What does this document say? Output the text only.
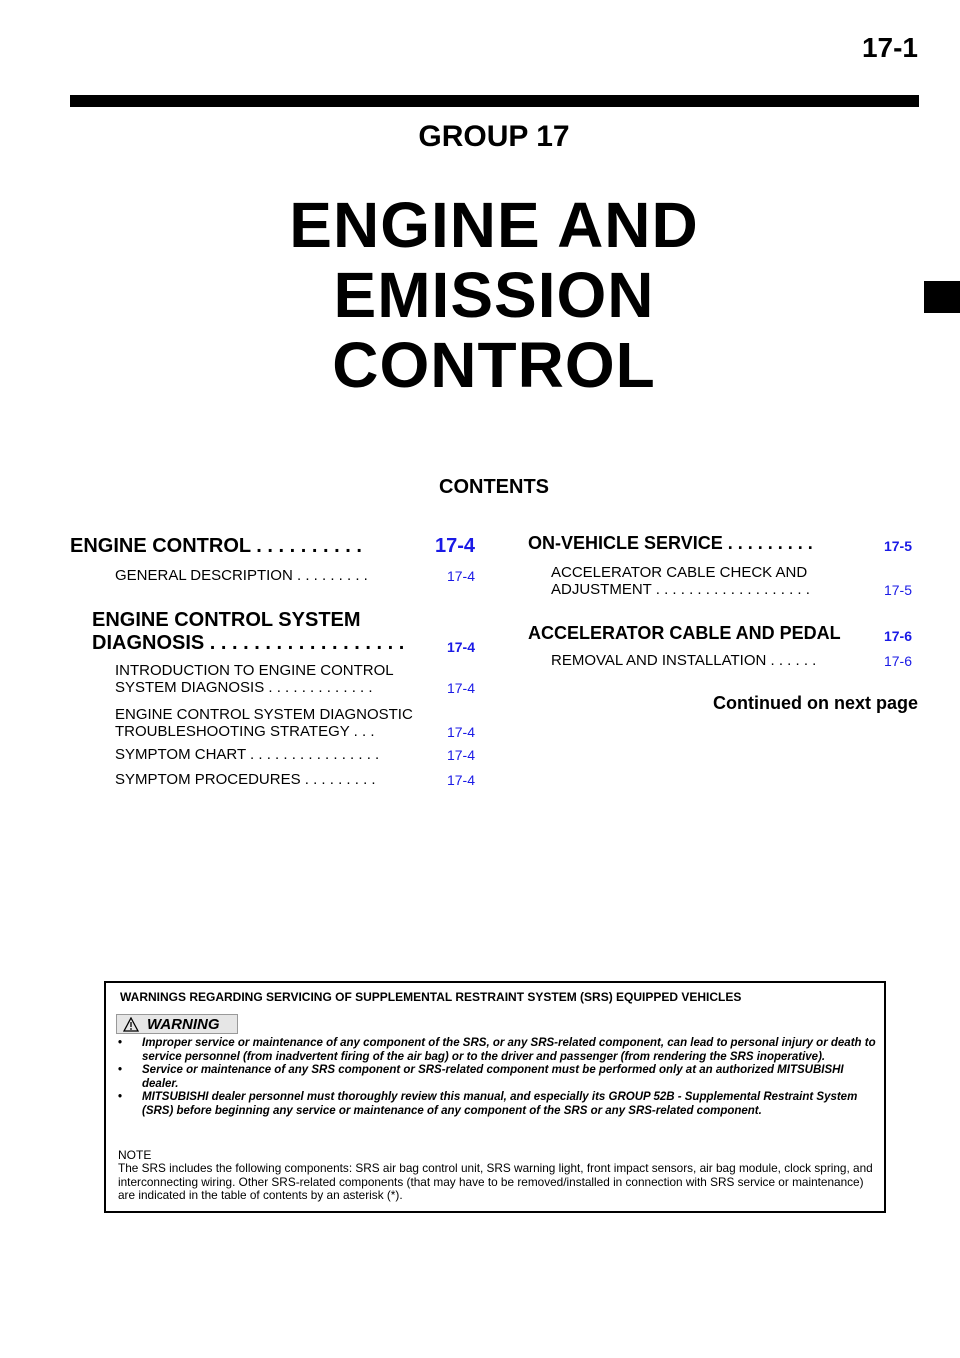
17-1
GROUP 17
ENGINE AND
EMISSION
CONTROL
CONTENTS
ENGINE CONTROL . . . . . . . . . .	17-4
GENERAL DESCRIPTION . . . . . . . . .	17-4
ENGINE CONTROL SYSTEM
DIAGNOSIS . . . . . . . . . . . . . . . . . .	17-4
INTRODUCTION TO ENGINE CONTROL
SYSTEM DIAGNOSIS . . . . . . . . . . . . .	17-4
ENGINE CONTROL SYSTEM DIAGNOSTIC
TROUBLESHOOTING STRATEGY . . .	17-4
SYMPTOM CHART . . . . . . . . . . . . . . . .	17-4
SYMPTOM PROCEDURES . . . . . . . . .	17-4
ON-VEHICLE SERVICE . . . . . . . . .	17-5
ACCELERATOR CABLE CHECK AND
ADJUSTMENT . . . . . . . . . . . . . . . . . . .	17-5
ACCELERATOR CABLE AND PEDAL	17-6
REMOVAL AND INSTALLATION . . . . . .	17-6
Continued on next page
WARNINGS REGARDING SERVICING OF SUPPLEMENTAL RESTRAINT SYSTEM (SRS) EQUIPPED VEHICLES
WARNING
• Improper service or maintenance of any component of the SRS, or any SRS-related component, can lead to personal injury or death to service personnel (from inadvertent firing of the air bag) or to the driver and passenger (from rendering the SRS inoperative).
• Service or maintenance of any SRS component or SRS-related component must be performed only at an authorized MITSUBISHI dealer.
• MITSUBISHI dealer personnel must thoroughly review this manual, and especially its GROUP 52B - Supplemental Restraint System (SRS) before beginning any service or maintenance of any component of the SRS or any SRS-related component.
NOTE
The SRS includes the following components: SRS air bag control unit, SRS warning light, front impact sensors, air bag module, clock spring, and interconnecting wiring. Other SRS-related components (that may have to be removed/installed in connection with SRS service or maintenance) are indicated in the table of contents by an asterisk (*).
